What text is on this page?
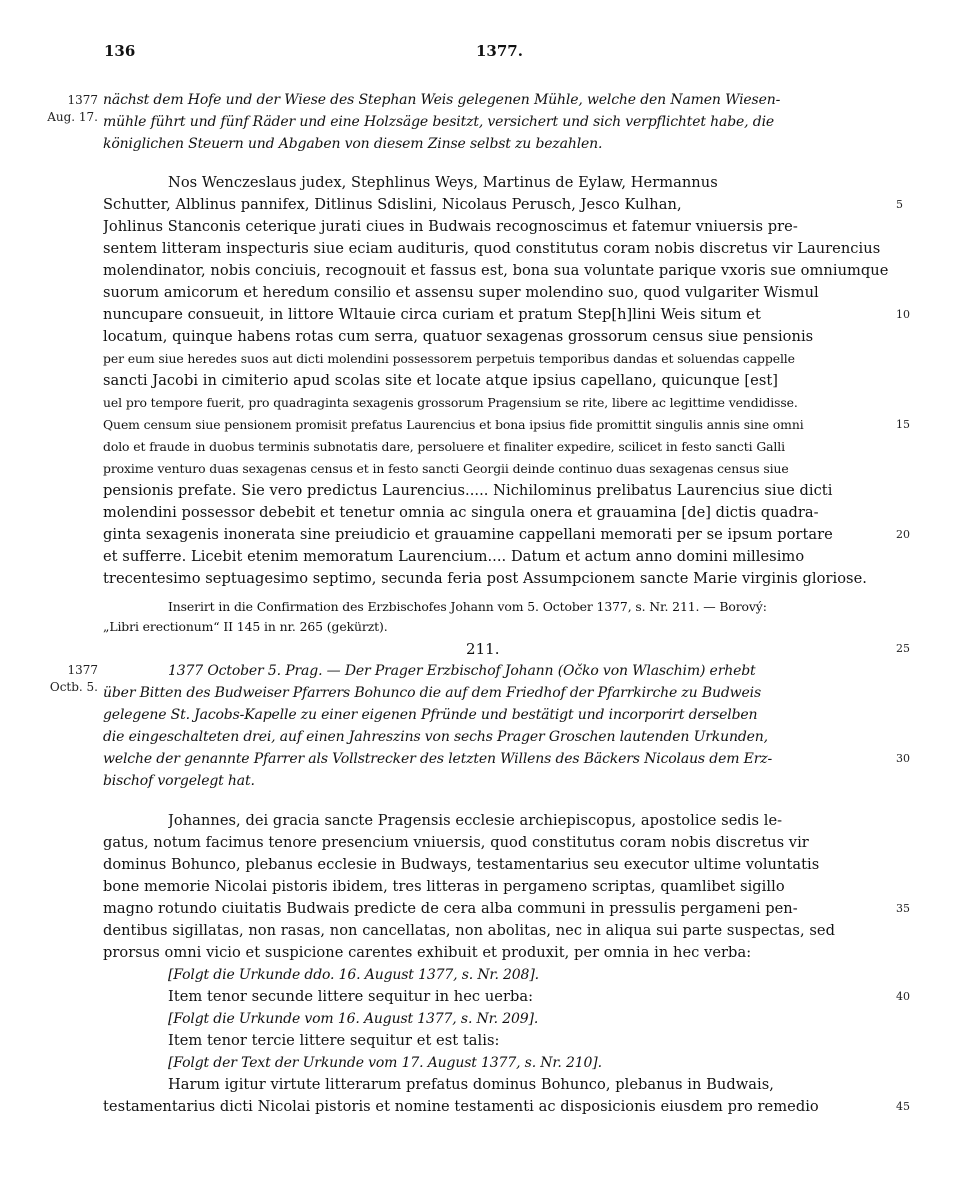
136	1377.
1377
Aug. 17.
1377
Octb. 5.
nächst dem Hofe und der Wiese des Stephan Weis gelegenen Mühle, welche den Namen Wiesen-
mühle führt und fünf Räder und eine Holzsäge besitzt, versichert und sich verpflichtet habe, die
königlichen Steuern und Abgaben von diesem Zinse selbst zu bezahlen.
Nos Wenczeslaus judex, Stephlinus Weys, Martinus de Eylaw, Hermannus
Schutter, Alblinus pannifex, Ditlinus Sdislini, Nicolaus Perusch, Jesco Kulhan,
Johlinus Stanconis ceterique jurati ciues in Budwais recognoscimus et fatemur vniuersis pre-
sentem litteram inspecturis siue eciam audituris, quod constitutus coram nobis discretus vir Laurencius
molendinator, nobis conciuis, recognouit et fassus est, bona sua voluntate parique vxoris sue omniumque
suorum amicorum et heredum consilio et assensu super molendino suo, quod vulgariter Wismul
nuncupare consueuit, in littore Wltauie circa curiam et pratum Step[h]lini Weis situm et
locatum, quinque habens rotas cum serra, quatuor sexagenas grossorum census siue pensionis
per eum siue heredes suos aut dicti molendini possessorem perpetuis temporibus dandas et soluendas cappelle
sancti Jacobi in cimiterio apud scolas site et locate atque ipsius capellano, quicunque [est]
uel pro tempore fuerit, pro quadraginta sexagenis grossorum Pragensium se rite, libere ac legittime vendidisse.
Quem censum siue pensionem promisit prefatus Laurencius et bona ipsius fide promittit singulis annis sine omni
dolo et fraude in duobus terminis subnotatis dare, persoluere et finaliter expedire, scilicet in festo sancti Galli
proxime venturo duas sexagenas census et in festo sancti Georgii deinde continuo duas sexagenas census siue
pensionis prefate. Sie vero predictus Laurencius..... Nichilominus prelibatus Laurencius siue dicti
molendini possessor debebit et tenetur omnia ac singula onera et grauamina [de] dictis quadra-
ginta sexagenis inonerata sine preiudicio et grauamine cappellani memorati per se ipsum portare
et sufferre. Licebit etenim memoratum Laurencium.... Datum et actum anno domini millesimo
trecentesimo septuagesimo septimo, secunda feria post Assumpcionem sancte Marie virginis gloriose.
Inserirt in die Confirmation des Erzbischofes Johann vom 5. October 1377, s. Nr. 211. — Borový:
„Libri erectionum“ II 145 in nr. 265 (gekürzt).
211.
1377 October 5. Prag. — Der Prager Erzbischof Johann (Očko von Wlaschim) erhebt
über Bitten des Budweiser Pfarrers Bohunco die auf dem Friedhof der Pfarrkirche zu Budweis
gelegene St. Jacobs-Kapelle zu einer eigenen Pfründe und bestätigt und incorporirt derselben
die eingeschalteten drei, auf einen Jahreszins von sechs Prager Groschen lautenden Urkunden,
welche der genannte Pfarrer als Vollstrecker des letzten Willens des Bäckers Nicolaus dem Erz-
bischof vorgelegt hat.
Johannes, dei gracia sancte Pragensis ecclesie archiepiscopus, apostolice sedis le-
gatus, notum facimus tenore presencium vniuersis, quod constitutus coram nobis discretus vir
dominus Bohunco, plebanus ecclesie in Budways, testamentarius seu executor ultime voluntatis
bone memorie Nicolai pistoris ibidem, tres litteras in pergameno scriptas, quamlibet sigillo
magno rotundo ciuitatis Budwais predicte de cera alba communi in pressulis pergameni pen-
dentibus sigillatas, non rasas, non cancellatas, non abolitas, nec in aliqua sui parte suspectas, sed
prorsus omni vicio et suspicione carentes exhibuit et produxit, per omnia in hec verba:
[Folgt die Urkunde ddo. 16. August 1377, s. Nr. 208].
Item tenor secunde littere sequitur in hec uerba:
[Folgt die Urkunde vom 16. August 1377, s. Nr. 209].
Item tenor tercie littere sequitur et est talis:
[Folgt der Text der Urkunde vom 17. August 1377, s. Nr. 210].
Harum igitur virtute litterarum prefatus dominus Bohunco, plebanus in Budwais,
testamentarius dicti Nicolai pistoris et nomine testamenti ac disposicionis eiusdem pro remedio
5
10
15
20
25
30
35
40
45
